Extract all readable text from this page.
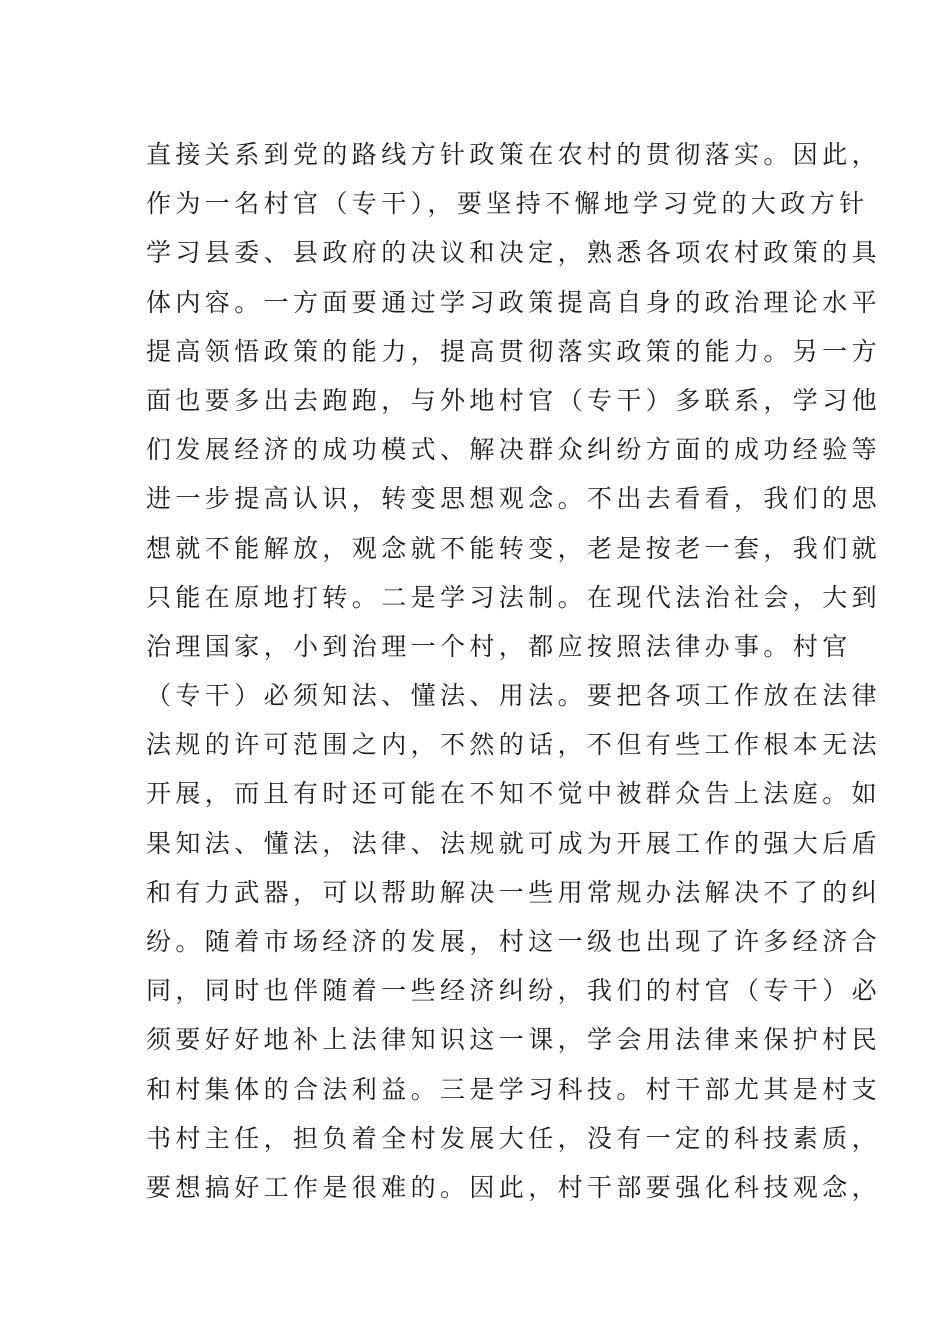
直接关系到党的路线方针政策在农村的贯彻落实。因此，
作为一名村官（专干），要坚持不懈地学习党的大政方针
学习县委、县政府的决议和决定，熟悉各项农村政策的具
体内容。一方面要通过学习政策提高自身的政治理论水平
提高领悟政策的能力，提高贯彻落实政策的能力。另一方
面也要多出去跑跑，与外地村官（专干）多联系，学习他
们发展经济的成功模式、解决群众纠纷方面的成功经验等
进一步提高认识，转变思想观念。不出去看看，我们的思
想就不能解放，观念就不能转变，老是按老一套，我们就
只能在原地打转。二是学习法制。在现代法治社会，大到
治理国家，小到治理一个村，都应按照法律办事。村官
（专干）必须知法、懂法、用法。要把各项工作放在法律
法规的许可范围之内，不然的话，不但有些工作根本无法
开展，而且有时还可能在不知不觉中被群众告上法庭。如
果知法、懂法，法律、法规就可成为开展工作的强大后盾
和有力武器，可以帮助解决一些用常规办法解决不了的纠
纷。随着市场经济的发展，村这一级也出现了许多经济合
同，同时也伴随着一些经济纠纷，我们的村官（专干）必
须要好好地补上法律知识这一课，学会用法律来保护村民
和村集体的合法利益。三是学习科技。村干部尤其是村支
书村主任，担负着全村发展大任，没有一定的科技素质，
要想搞好工作是很难的。因此，村干部要强化科技观念，
